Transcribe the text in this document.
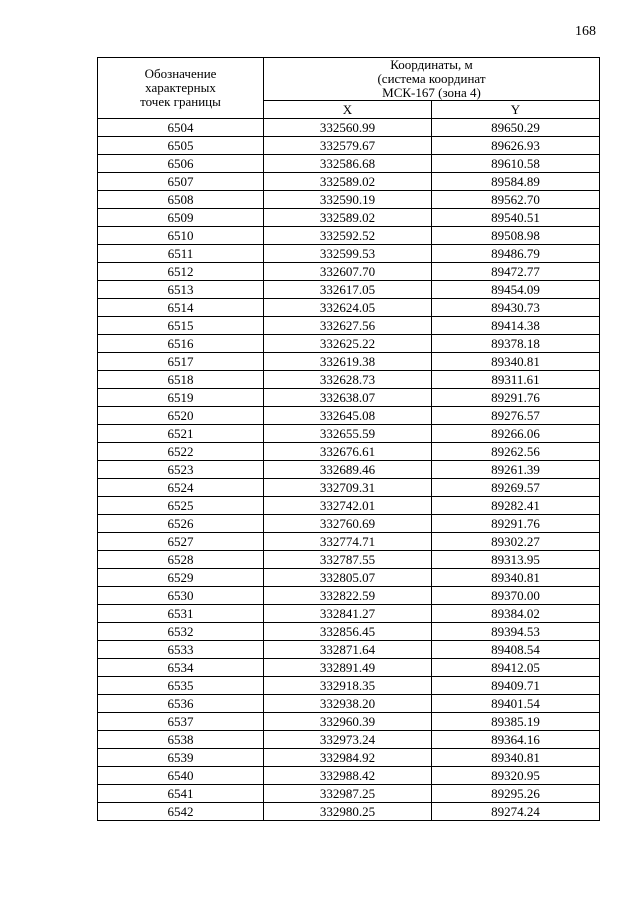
168
Обозначение
характерных
точек границы	Координаты, м
(система координат
МСК-167 (зона 4)	

	X	Y
6504	332560.99	89650.29
6505	332579.67	89626.93
6506	332586.68	89610.58
6507	332589.02	89584.89
6508	332590.19	89562.70
6509	332589.02	89540.51
6510	332592.52	89508.98
6511	332599.53	89486.79
6512	332607.70	89472.77
6513	332617.05	89454.09
6514	332624.05	89430.73
6515	332627.56	89414.38
6516	332625.22	89378.18
6517	332619.38	89340.81
6518	332628.73	89311.61
6519	332638.07	89291.76
6520	332645.08	89276.57
6521	332655.59	89266.06
6522	332676.61	89262.56
6523	332689.46	89261.39
6524	332709.31	89269.57
6525	332742.01	89282.41
6526	332760.69	89291.76
6527	332774.71	89302.27
6528	332787.55	89313.95
6529	332805.07	89340.81
6530	332822.59	89370.00
6531	332841.27	89384.02
6532	332856.45	89394.53
6533	332871.64	89408.54
6534	332891.49	89412.05
6535	332918.35	89409.71
6536	332938.20	89401.54
6537	332960.39	89385.19
6538	332973.24	89364.16
6539	332984.92	89340.81
6540	332988.42	89320.95
6541	332987.25	89295.26
6542	332980.25	89274.24
